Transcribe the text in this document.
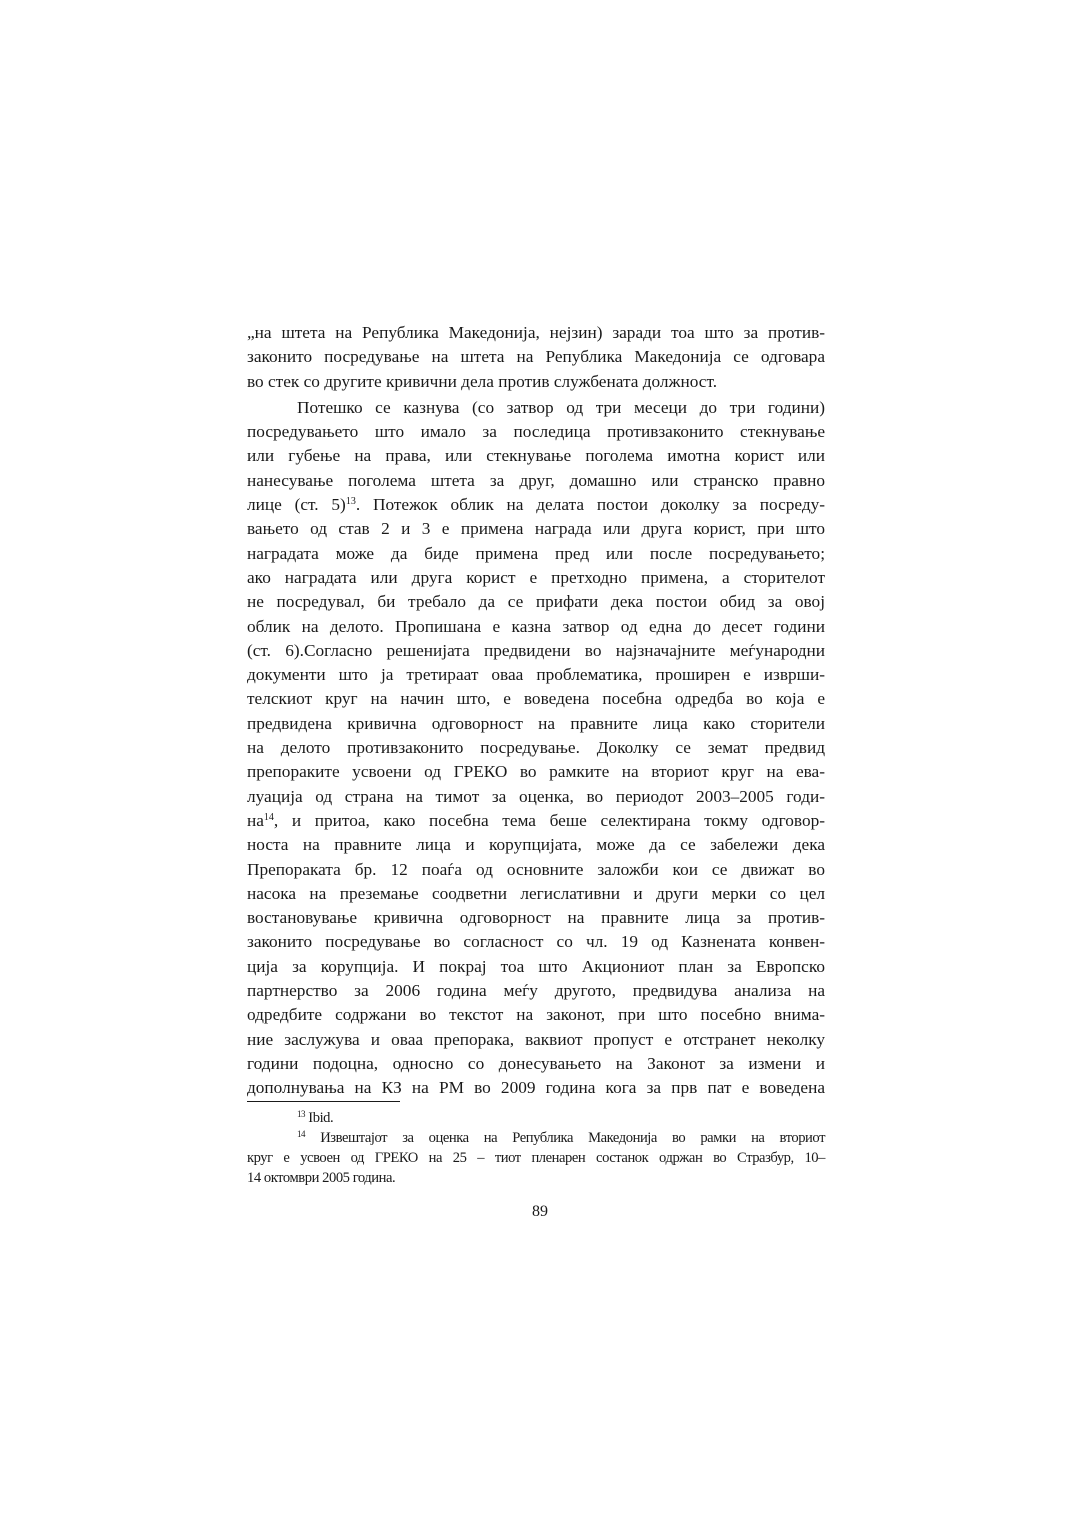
„на штета на Република Македонија, нејзин) заради тоа што за против-
законито посредување на штета на Република Македонија се одговара
во стек со другите кривични дела против службената должност.
Потешко се казнува (со затвор од три месеци до три години)
посредувањето што имало за последица противзаконито стекнување
или губење на права, или стекнување поголема имотна корист или
нанесување поголема штета за друг, домашно или странско правно
лице (ст. 5)$^{13}$. Потежок облик на делата постои доколку за посреду-
вањето од став 2 и 3 е примена награда или друга корист, при што
наградата може да биде примена пред или после посредувањето;
ако наградата или друга корист е претходно примена, а сторителот
не посредувал, би требало да се прифати дека постои обид за овој
облик на делото. Пропишана е казна затвор од една до десет години
(ст. 6).Согласно решенијата предвидени во најзначајните меѓународни
документи што ја третираат оваа проблематика, проширен е изврши-
телскиот круг на начин што, е воведена посебна одредба во која е
предвидена кривична одговорност на правните лица како сторители
на делото противзаконито посредување. Доколку се земат предвид
препораките усвоени од ГРЕКО во рамките на вториот круг на ева-
луација од страна на тимот за оценка, во периодот 2003–2005 годи-
$на^{14}$, и притоа, како посебна тема беше селектирана токму одговор-
носта на правните лица и корупцијата, може да се забележи дека
Препораката бр. 12 поаѓа од основните заложби кои се движат во
насока на преземање соодветни легислативни и други мерки со цел
востановување кривична одговорност на правните лица за против-
законито посредување во согласност со чл. 19 од Казнената конвен-
ција за корупција. И покрај тоа што Акциониот план за Европско
партнерство за 2006 година меѓу другото, предвидува анализа на
одредбите содржани во текстот на законот, при што посебно внима-
ние заслужува и оваа препорака, ваквиот пропуст е отстранет неколку
години подоцна, односно со донесувањето на Законот за измени и
дополнувања на КЗ на РМ во 2009 година кога за прв пат е воведена
$^{13}$ Ibid.
$^{14}$ Извештајот за оценка на Република Македонија во рамки на вториот
круг е усвоен од ГРЕКО на 25 – тиот пленарен состанок одржан во Стразбур, 10–
14 октомври 2005 година.
89
